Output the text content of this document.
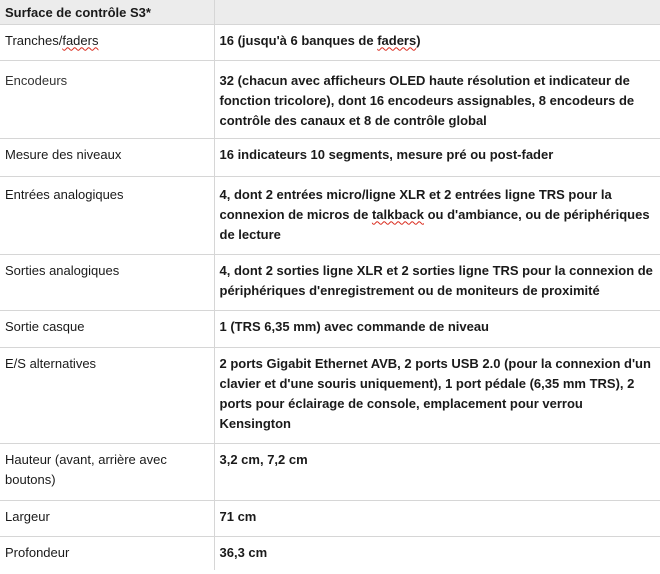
Surface de contrôle S3*	
Tranches/faders	16 (jusqu'à 6 banques de faders)
Encodeurs	32 (chacun avec afficheurs OLED haute résolution et indicateur de fonction tricolore), dont 16 encodeurs assignables, 8 encodeurs de contrôle des canaux et 8 de contrôle global
Mesure des niveaux	16 indicateurs 10 segments, mesure pré ou post-fader
Entrées analogiques	4, dont 2 entrées micro/ligne XLR et 2 entrées ligne TRS pour la connexion de micros de talkback ou d'ambiance, ou de périphériques de lecture
Sorties analogiques	4, dont 2 sorties ligne XLR et 2 sorties ligne TRS pour la connexion de périphériques d'enregistrement ou de moniteurs de proximité
Sortie casque	1 (TRS 6,35 mm) avec commande de niveau
E/S alternatives	2 ports Gigabit Ethernet AVB, 2 ports USB 2.0 (pour la connexion d'un clavier et d'une souris uniquement), 1 port pédale (6,35 mm TRS), 2 ports pour éclairage de console, emplacement pour verrou Kensington
Hauteur (avant, arrière avec boutons)	3,2 cm, 7,2 cm
Largeur	71 cm
Profondeur	36,3 cm
